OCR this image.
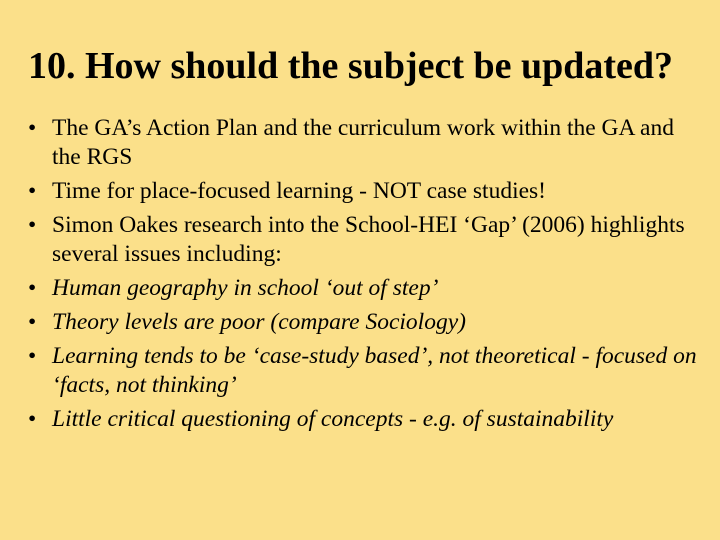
10. How should the subject be updated?
• The GA’s Action Plan and the curriculum work within the GA and the RGS
• Time for place-focused learning - NOT case studies!
• Simon Oakes research into the School-HEI ‘Gap’ (2006) highlights several issues including:
• Human geography in school ‘out of step’
• Theory levels are poor (compare Sociology)
• Learning tends to be ‘case-study based’, not theoretical - focused on ‘facts, not thinking’
• Little critical questioning of concepts - e.g. of sustainability
